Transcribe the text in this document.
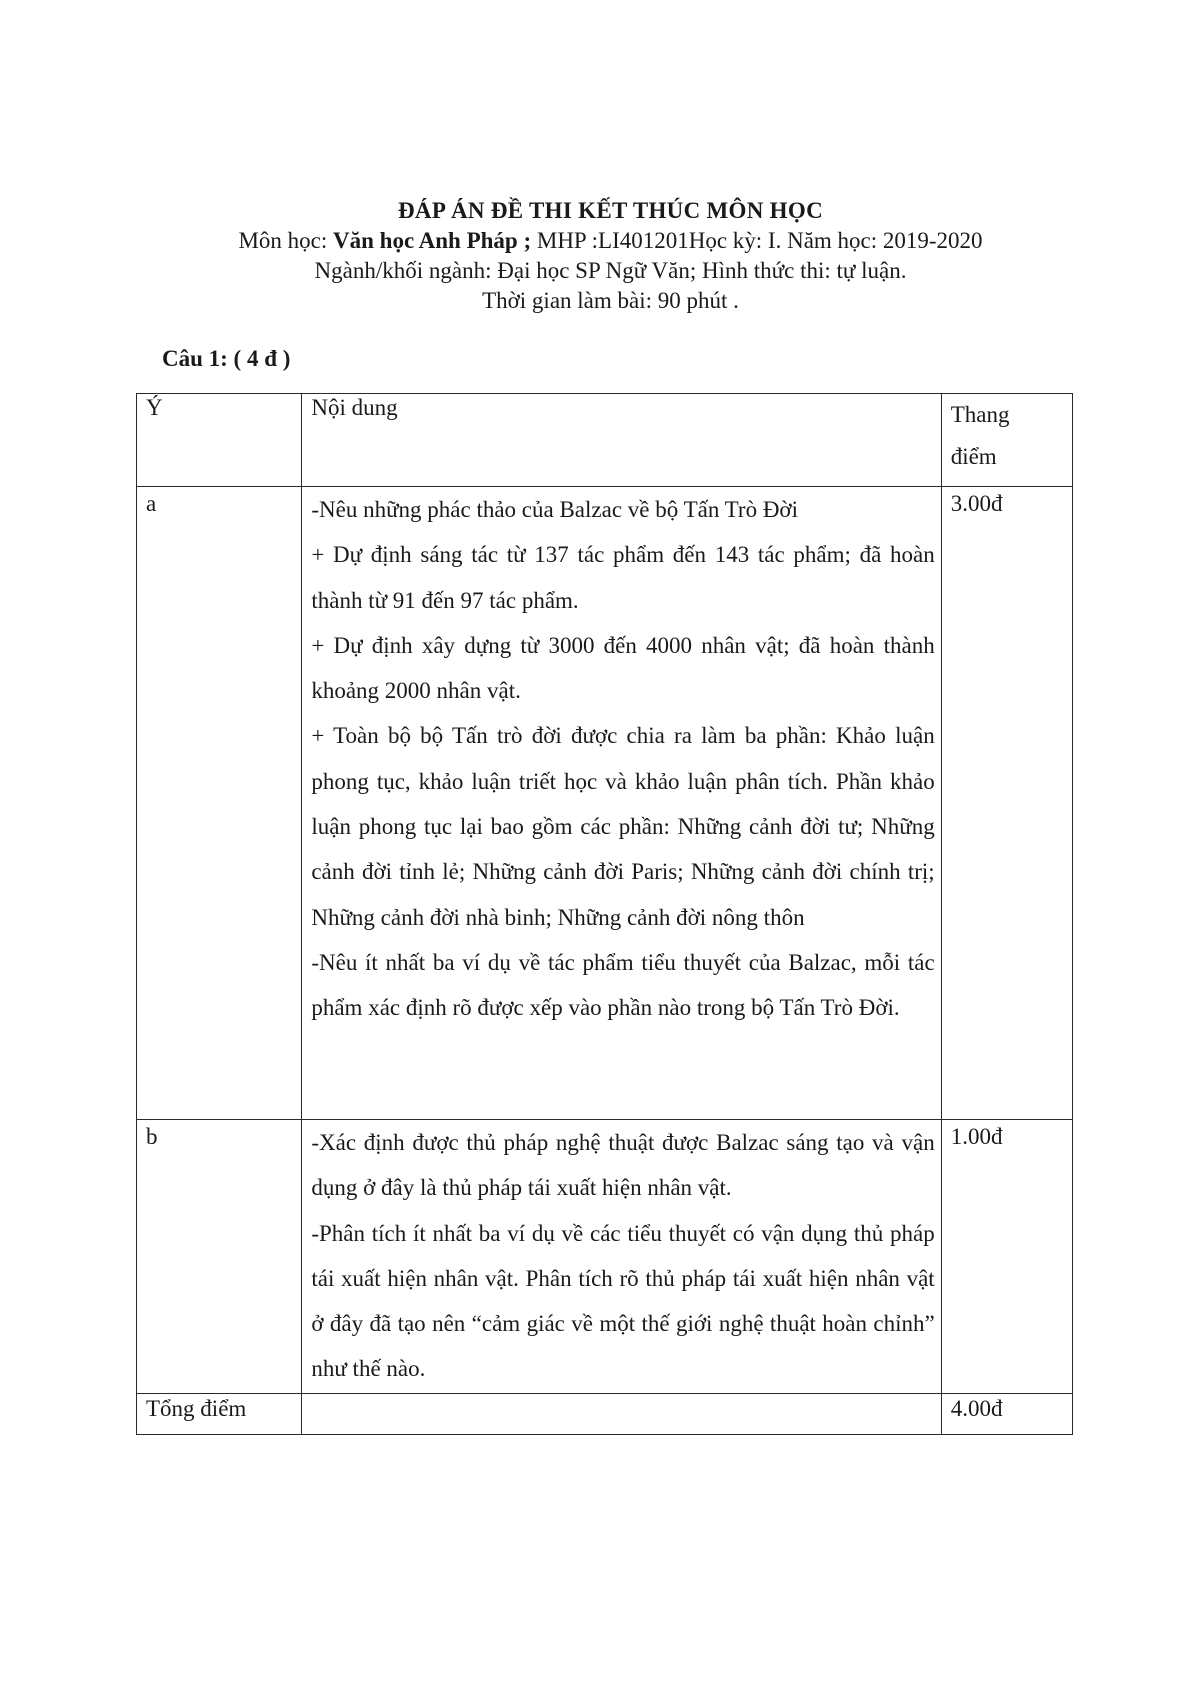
ĐÁP ÁN ĐỀ THI KẾT THÚC MÔN HỌC
Môn học: Văn học Anh Pháp ; MHP :LI401201Học kỳ: I. Năm học: 2019-2020
Ngành/khối ngành: Đại học SP Ngữ Văn; Hình thức thi: tự luận.
Thời gian làm bài: 90 phút .
Câu 1: ( 4 đ )
Ý	Nội dung	Thang
điểm
a	-Nêu những phác thảo của Balzac về bộ Tấn Trò Đời

+ Dự định sáng tác từ 137 tác phẩm đến 143 tác phẩm; đã hoàn thành từ 91 đến 97 tác phẩm.

+ Dự định xây dựng từ 3000 đến 4000 nhân vật; đã hoàn thành khoảng 2000 nhân vật.

+ Toàn bộ bộ Tấn trò đời được chia ra làm ba phần: Khảo luận phong tục, khảo luận triết học và khảo luận phân tích. Phần khảo luận phong tục lại bao gồm các phần: Những cảnh đời tư; Những cảnh đời tỉnh lẻ; Những cảnh đời Paris; Những cảnh đời chính trị; Những cảnh đời nhà binh; Những cảnh đời nông thôn

-Nêu ít nhất ba ví dụ về tác phẩm tiểu thuyết của Balzac, mỗi tác phẩm xác định rõ được xếp vào phần nào trong bộ Tấn Trò Đời.	3.00đ
b	-Xác định được thủ pháp nghệ thuật được Balzac sáng tạo và vận dụng ở đây là thủ pháp tái xuất hiện nhân vật.

-Phân tích ít nhất ba ví dụ về các tiểu thuyết có vận dụng thủ pháp tái xuất hiện nhân vật. Phân tích rõ thủ pháp tái xuất hiện nhân vật ở đây đã tạo nên “cảm giác về một thế giới nghệ thuật hoàn chỉnh” như thế nào.	1.00đ
Tổng điểm		4.00đ
